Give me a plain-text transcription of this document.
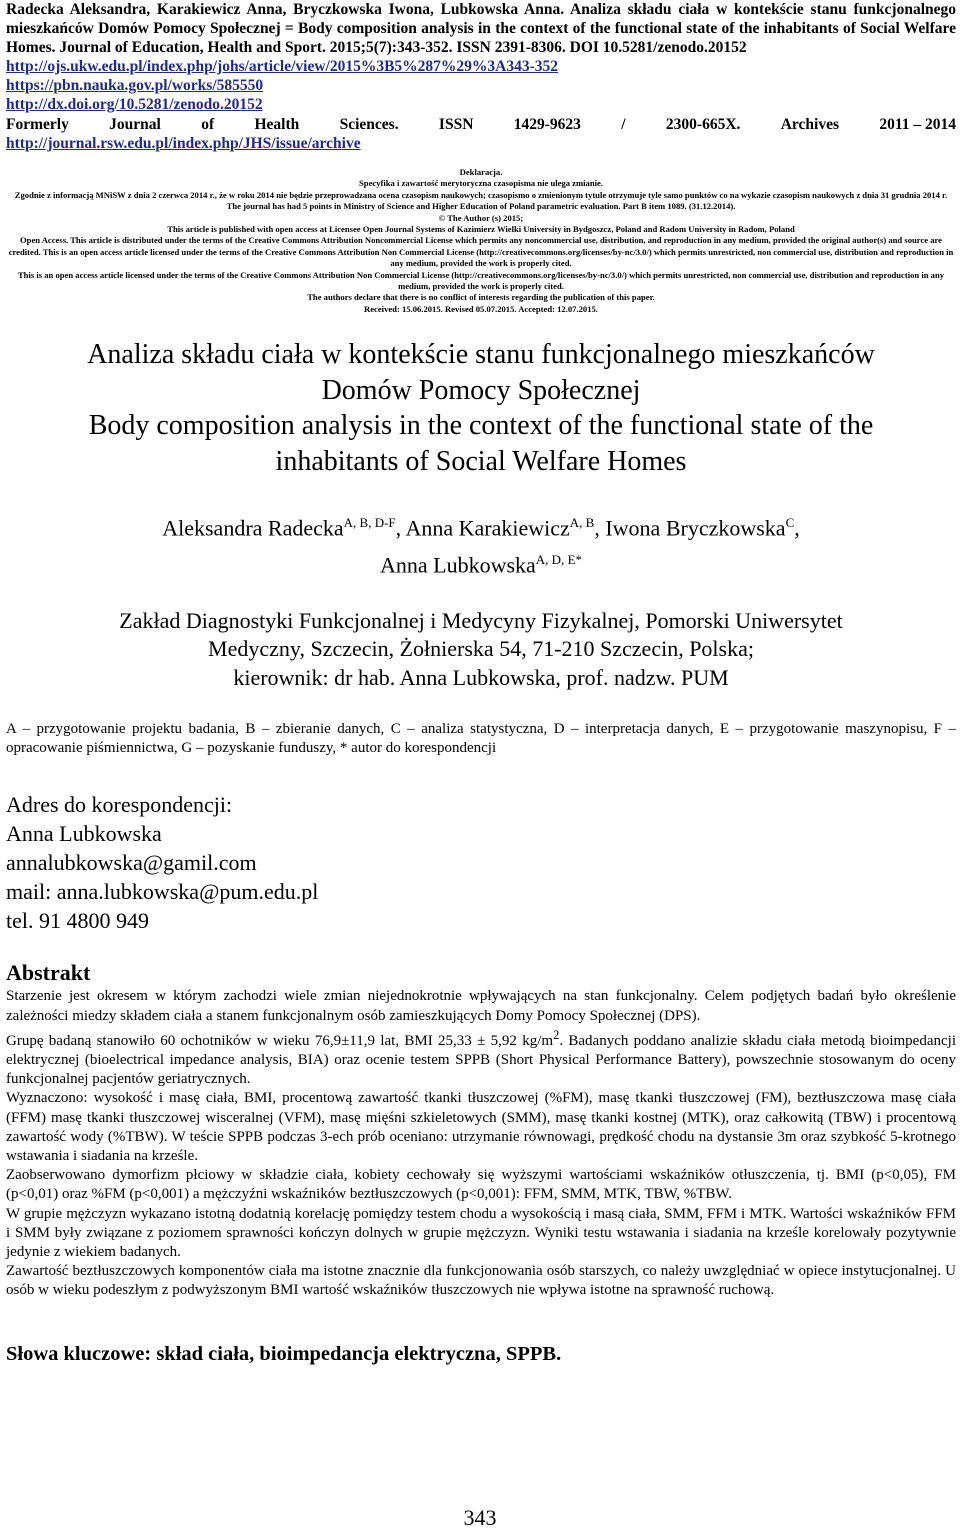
Radecka Aleksandra, Karakiewicz Anna, Bryczkowska Iwona, Lubkowska Anna. Analiza składu ciała w kontekście stanu funkcjonalnego mieszkańców Domów Pomocy Społecznej = Body composition analysis in the context of the functional state of the inhabitants of Social Welfare Homes. Journal of Education, Health and Sport. 2015;5(7):343-352. ISSN 2391-8306. DOI 10.5281/zenodo.20152

http://ojs.ukw.edu.pl/index.php/johs/article/view/2015%3B5%287%29%3A343-352
https://pbn.nauka.gov.pl/works/585550
http://dx.doi.org/10.5281/zenodo.20152
Formerly	Journal	of	Health	Sciences.	ISSN	1429-9623	/	2300-665X.	Archives	2011 – 2014
http://journal.rsw.edu.pl/index.php/JHS/issue/archive

Deklaracja.

Specyfika i zawartość merytoryczna czasopisma nie ulega zmianie.

Zgodnie z informacją MNiSW z dnia 2 czerwca 2014 r., że w roku 2014 nie będzie przeprowadzana ocena czasopism naukowych; czasopismo o zmienionym tytule otrzymuje tyle samo punktów co na wykazie czasopism naukowych z dnia 31 grudnia 2014 r.

The journal has had 5 points in Ministry of Science and Higher Education of Poland parametric evaluation. Part B item 1089. (31.12.2014).

© The Author (s) 2015;

This article is published with open access at Licensee Open Journal Systems of Kazimierz Wielki University in Bydgoszcz, Poland and Radom University in Radom, Poland

Open Access. This article is distributed under the terms of the Creative Commons Attribution Noncommercial License which permits any noncommercial use, distribution, and reproduction in any medium, provided the original author(s) and source are credited. This is an open access article licensed under the terms of the Creative Commons Attribution Non Commercial License (http://creativecommons.org/licenses/by-nc/3.0/) which permits unrestricted, non commercial use, distribution and reproduction in any medium, provided the work is properly cited.

This is an open access article licensed under the terms of the Creative Commons Attribution Non Commercial License (http://creativecommons.org/licenses/by-nc/3.0/) which permits unrestricted, non commercial use, distribution and reproduction in any medium, provided the work is properly cited.

The authors declare that there is no conflict of interests regarding the publication of this paper.

Received: 15.06.2015. Revised 05.07.2015. Accepted: 12.07.2015.

Analiza składu ciała w kontekście stanu funkcjonalnego mieszkańców

Domów Pomocy Społecznej

Body composition analysis in the context of the functional state of the

inhabitants of Social Welfare Homes

Aleksandra Radecka$^{A, B, D-F}$, Anna Karakiewicz$^{A, B}$, Iwona Bryczkowska$^C$,
Anna Lubkowska$^{A, D, E*}$

Zakład Diagnostyki Funkcjonalnej i Medycyny Fizykalnej, Pomorski Uniwersytet

Medyczny, Szczecin, Żołnierska 54, 71-210 Szczecin, Polska;

kierownik: dr hab. Anna Lubkowska, prof. nadzw. PUM

A – przygotowanie projektu badania, B – zbieranie danych, C – analiza statystyczna, D – interpretacja danych, E – przygotowanie maszynopisu, F – opracowanie piśmiennictwa, G – pozyskanie funduszy, * autor do korespondencji

Adres do korespondencji:

Anna Lubkowska

annalubkowska@gamil.com

mail: anna.lubkowska@pum.edu.pl

tel. 91 4800 949

Abstrakt

Starzenie jest okresem w którym zachodzi wiele zmian niejednokrotnie wpływających na stan funkcjonalny. Celem podjętych badań było określenie zależności miedzy składem ciała a stanem funkcjonalnym osób zamieszkujących Domy Pomocy Społecznej (DPS).

Grupę badaną stanowiło 60 ochotników w wieku 76,9±11,9 lat, BMI 25,33 ± 5,92 $kg/m^2$. Badanych poddano analizie składu ciała metodą bioimpedancji elektrycznej (bioelectrical impedance analysis, BIA) oraz ocenie testem SPPB (Short Physical Performance Battery), powszechnie stosowanym do oceny funkcjonalnej pacjentów geriatrycznych.

Wyznaczono: wysokość i masę ciała, BMI, procentową zawartość tkanki tłuszczowej (%FM), masę tkanki tłuszczowej (FM), beztłuszczowa masę ciała (FFM) masę tkanki tłuszczowej wisceralnej (VFM), masę mięśni szkieletowych (SMM), masę tkanki kostnej (MTK), oraz całkowitą (TBW) i procentową zawartość wody (%TBW). W teście SPPB podczas 3-ech prób oceniano: utrzymanie równowagi, prędkość chodu na dystansie 3m oraz szybkość 5-krotnego wstawania i siadania na krześle.

Zaobserwowano dymorfizm płciowy w składzie ciała, kobiety cechowały się wyższymi wartościami wskaźników otłuszczenia, tj. BMI (p<0,05), FM (p<0,01) oraz %FM (p<0,001) a mężczyźni wskaźników beztłuszczowych (p<0,001): FFM, SMM, MTK, TBW, %TBW.

W grupie mężczyzn wykazano istotną dodatnią korelację pomiędzy testem chodu a wysokością i masą ciała, SMM, FFM i MTK. Wartości wskaźników FFM i SMM były związane z poziomem sprawności kończyn dolnych w grupie mężczyzn. Wyniki testu wstawania i siadania na krześle korelowały pozytywnie jedynie z wiekiem badanych.

Zawartość beztłuszczowych komponentów ciała ma istotne znacznie dla funkcjonowania osób starszych, co należy uwzględniać w opiece instytucjonalnej. U osób w wieku podeszłym z podwyższonym BMI wartość wskaźników tłuszczowych nie wpływa istotne na sprawność ruchową.

Słowa kluczowe: skład ciała, bioimpedancja elektryczna, SPPB.
343
